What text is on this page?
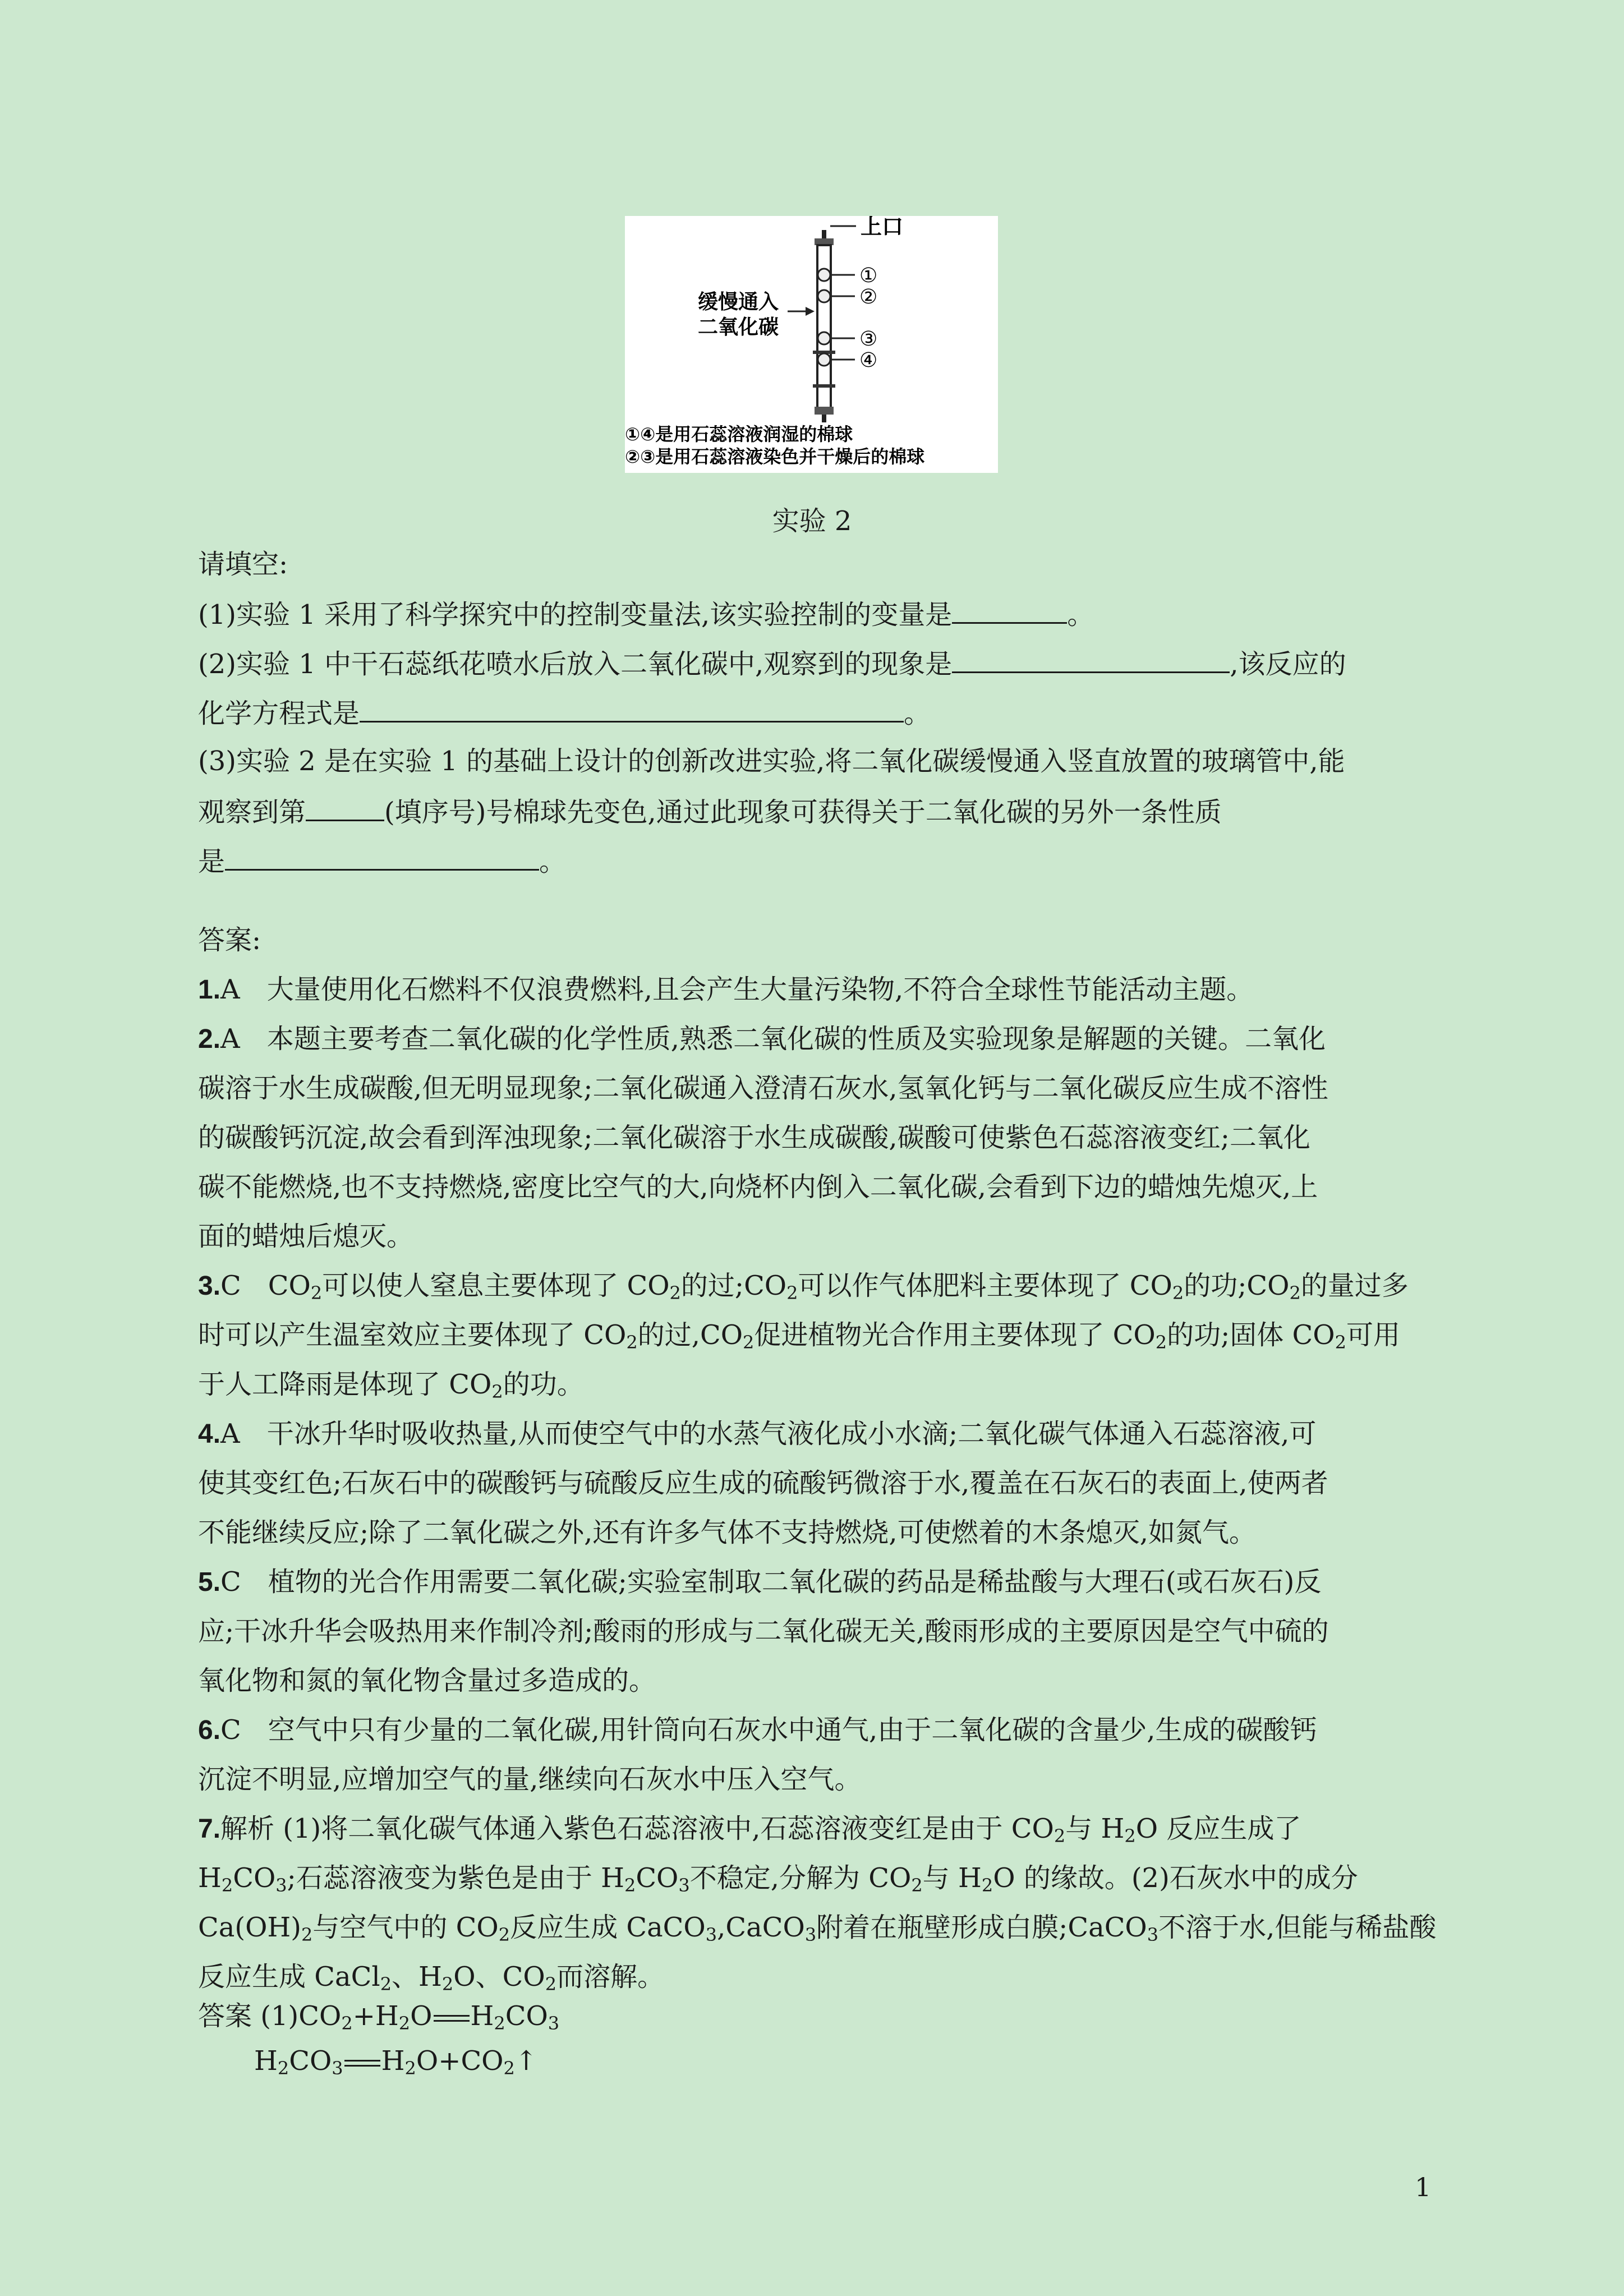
上口
①
②
③
④
缓慢通入
二氧化碳
①④是用石蕊溶液润湿的棉球
②③是用石蕊溶液染色并干燥后的棉球
实验 2
请填空:
(1)实验 1 采用了科学探究中的控制变量法,该实验控制的变量是	。
(2)实验 1 中干石蕊纸花喷水后放入二氧化碳中,观察到的现象是	,该反应的
化学方程式是	。
(3)实验 2 是在实验 1 的基础上设计的创新改进实验,将二氧化碳缓慢通入竖直放置的玻璃管中,能
观察到第	(填序号)号棉球先变色,通过此现象可获得关于二氧化碳的另外一条性质
是	。
答案:
1.A　大量使用化石燃料不仅浪费燃料,且会产生大量污染物,不符合全球性节能活动主题。
2.A　本题主要考查二氧化碳的化学性质,熟悉二氧化碳的性质及实验现象是解题的关键。二氧化
碳溶于水生成碳酸,但无明显现象;二氧化碳通入澄清石灰水,氢氧化钙与二氧化碳反应生成不溶性
的碳酸钙沉淀,故会看到浑浊现象;二氧化碳溶于水生成碳酸,碳酸可使紫色石蕊溶液变红;二氧化
碳不能燃烧,也不支持燃烧,密度比空气的大,向烧杯内倒入二氧化碳,会看到下边的蜡烛先熄灭,上
面的蜡烛后熄灭。
3.C　$CO_2$可以使人窒息主要体现了 $CO_2$的过$;CO_2$可以作气体肥料主要体现了 $CO_2$的功$;CO_2$的量过多
时可以产生温室效应主要体现了 $CO_2$的过$,CO_2$促进植物光合作用主要体现了 $CO_2$的功;固体 $CO_2$可用
于人工降雨是体现了 $CO_2$的功。
4.A　干冰升华时吸收热量,从而使空气中的水蒸气液化成小水滴;二氧化碳气体通入石蕊溶液,可
使其变红色;石灰石中的碳酸钙与硫酸反应生成的硫酸钙微溶于水,覆盖在石灰石的表面上,使两者
不能继续反应;除了二氧化碳之外,还有许多气体不支持燃烧,可使燃着的木条熄灭,如氮气。
5.C　植物的光合作用需要二氧化碳;实验室制取二氧化碳的药品是稀盐酸与大理石(或石灰石)反
应;干冰升华会吸热用来作制冷剂;酸雨的形成与二氧化碳无关,酸雨形成的主要原因是空气中硫的
氧化物和氮的氧化物含量过多造成的。
6.C　空气中只有少量的二氧化碳,用针筒向石灰水中通气,由于二氧化碳的含量少,生成的碳酸钙
沉淀不明显,应增加空气的量,继续向石灰水中压入空气。
7.解析 (1)将二氧化碳气体通入紫色石蕊溶液中,石蕊溶液变红是由于 $CO_2$与 $H_2O$ 反应生成了
$H_2CO_3$;石蕊溶液变为紫色是由于 $H_2CO_3$不稳定,分解为 $CO_2$与 $H_2O$ 的缘故。(2)石灰水中的成分
$Ca(OH)_2$与空气中的 $CO_2$反应生成 CaCO$_3$,CaCO$_3$附着在瓶壁形成白膜;CaCO$_3$不溶于水,但能与稀盐酸
反应生成 CaCl$_2$、$H_2O$、$CO_2$而溶解。
答案 $(1)CO_2+H_2O$ $H_2CO_3$
$H_2CO_3$ $H_2O+CO_2↑$
1
